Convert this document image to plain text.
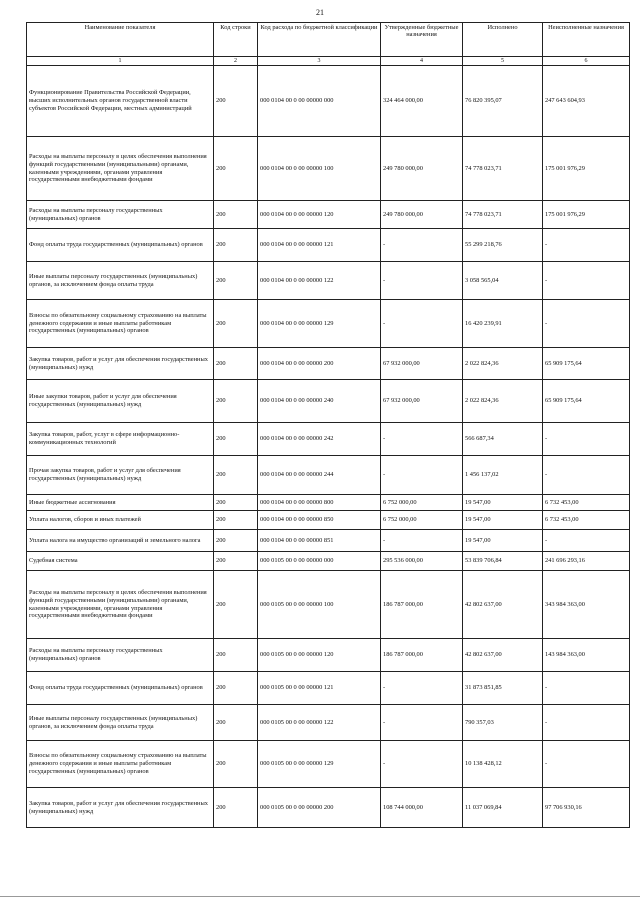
21
Наименование показателя	Код строки	Код расхода по бюджетной классификации	Утвержденные бюджетные назначения	Исполнено	Неисполненные назначения
1	2	3	4	5	6
Функционирование Правительства Российской Федерации, высших исполнительных органов государственной власти субъектов Российской Федерации, местных администраций	200	000 0104 00 0 00 00000 000	324 464 000,00	76 820 395,07	247 643 604,93
Расходы на выплаты персоналу в целях обеспечения выполнения функций государственными (муниципальными) органами, казенными учреждениями, органами управления государственными внебюджетными фондами	200	000 0104 00 0 00 00000 100	249 780 000,00	74 778 023,71	175 001 976,29
Расходы на выплаты персоналу государственных (муниципальных) органов	200	000 0104 00 0 00 00000 120	249 780 000,00	74 778 023,71	175 001 976,29
Фонд оплаты труда государственных (муниципальных) органов	200	000 0104 00 0 00 00000 121	-	55 299 218,76	-
Иные выплаты персоналу государственных (муниципальных) органов, за исключением фонда оплаты труда	200	000 0104 00 0 00 00000 122	-	3 058 565,04	-
Взносы по обязательному социальному страхованию на выплаты денежного содержания и иные выплаты работникам государственных (муниципальных) органов	200	000 0104 00 0 00 00000 129	-	16 420 239,91	-
Закупка товаров, работ и услуг для обеспечения государственных (муниципальных) нужд	200	000 0104 00 0 00 00000 200	67 932 000,00	2 022 824,36	65 909 175,64
Иные закупки товаров, работ и услуг для обеспечения государственных (муниципальных) нужд	200	000 0104 00 0 00 00000 240	67 932 000,00	2 022 824,36	65 909 175,64
Закупка товаров, работ, услуг в сфере информационно-коммуникационных технологий	200	000 0104 00 0 00 00000 242	-	566 687,34	-
Прочая закупка товаров, работ и услуг для обеспечения государственных (муниципальных) нужд	200	000 0104 00 0 00 00000 244	-	1 456 137,02	-
Иные бюджетные ассигнования	200	000 0104 00 0 00 00000 800	6 752 000,00	19 547,00	6 732 453,00
Уплата налогов, сборов и иных платежей	200	000 0104 00 0 00 00000 850	6 752 000,00	19 547,00	6 732 453,00
Уплата налога на имущество организаций и земельного налога	200	000 0104 00 0 00 00000 851	-	19 547,00	-
Судебная система	200	000 0105 00 0 00 00000 000	295 536 000,00	53 839 706,84	241 696 293,16
Расходы на выплаты персоналу в целях обеспечения выполнения функций государственными (муниципальными) органами, казенными учреждениями, органами управления государственными внебюджетными фондами	200	000 0105 00 0 00 00000 100	186 787 000,00	42 802 637,00	343 984 363,00
Расходы на выплаты персоналу государственных (муниципальных) органов	200	000 0105 00 0 00 00000 120	186 787 000,00	42 802 637,00	143 984 363,00
Фонд оплаты труда государственных (муниципальных) органов	200	000 0105 00 0 00 00000 121	-	31 873 851,85	-
Иные выплаты персоналу государственных (муниципальных) органов, за исключением фонда оплаты труда	200	000 0105 00 0 00 00000 122	-	790 357,03	-
Взносы по обязательному социальному страхованию на выплаты денежного содержания и иные выплаты работникам государственных (муниципальных) органов	200	000 0105 00 0 00 00000 129	-	10 138 428,12	-
Закупка товаров, работ и услуг для обеспечения государственных (муниципальных) нужд	200	000 0105 00 0 00 00000 200	108 744 000,00	11 037 069,84	97 706 930,16
